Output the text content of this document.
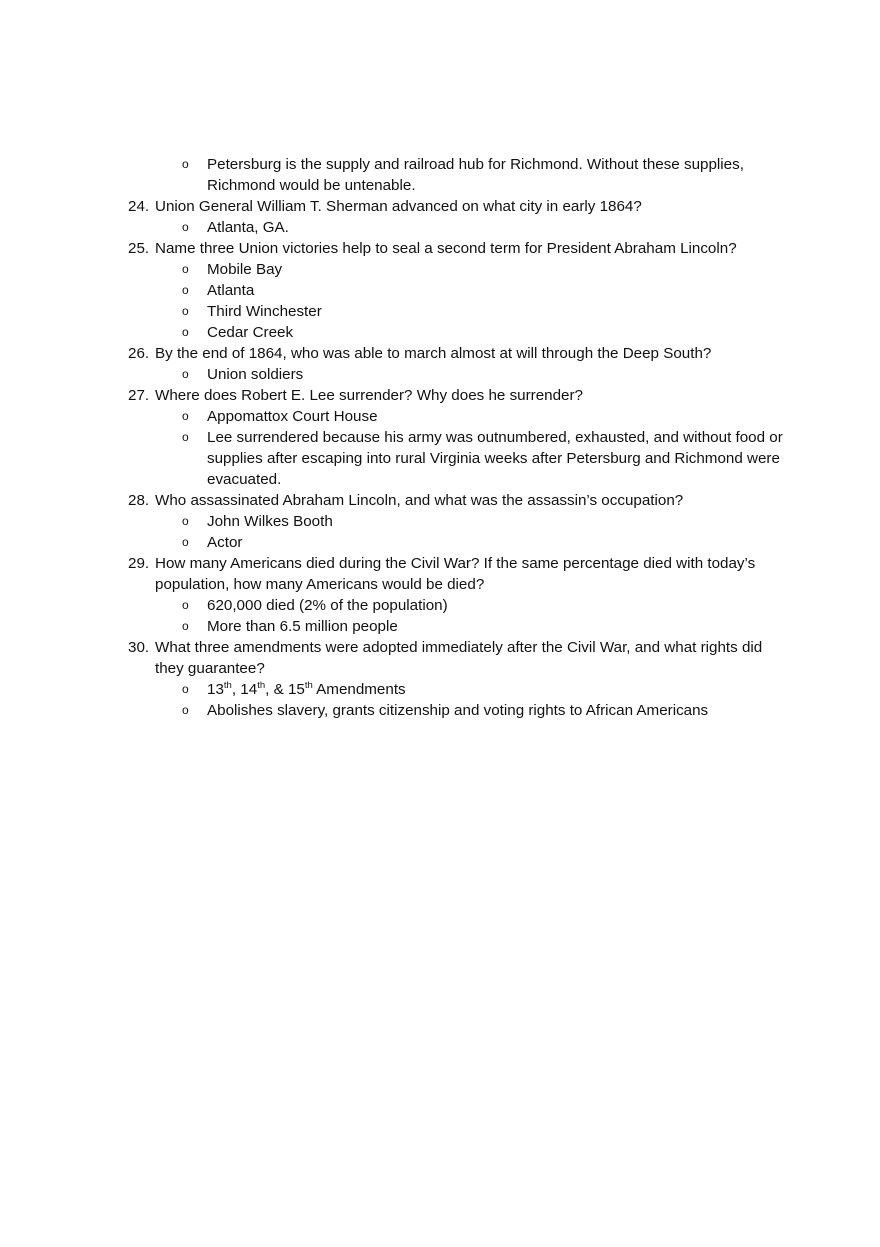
o	Petersburg is the supply and railroad hub for Richmond. Without these supplies, Richmond would be untenable.
24. Union General William T. Sherman advanced on what city in early 1864?
o	Atlanta, GA.
25. Name three Union victories help to seal a second term for President Abraham Lincoln?
o	Mobile Bay
o	Atlanta
o	Third Winchester
o	Cedar Creek
26. By the end of 1864, who was able to march almost at will through the Deep South?
o	Union soldiers
27. Where does Robert E. Lee surrender? Why does he surrender?
o	Appomattox Court House
o	Lee surrendered because his army was outnumbered, exhausted, and without food or supplies after escaping into rural Virginia weeks after Petersburg and Richmond were evacuated.
28. Who assassinated Abraham Lincoln, and what was the assassin’s occupation?
o	John Wilkes Booth
o	Actor
29. How many Americans died during the Civil War? If the same percentage died with today’s population, how many Americans would be died?
o	620,000 died (2% of the population)
o	More than 6.5 million people
30. What three amendments were adopted immediately after the Civil War, and what rights did they guarantee?
o	13th, 14th, & 15th Amendments
o	Abolishes slavery, grants citizenship and voting rights to African Americans
